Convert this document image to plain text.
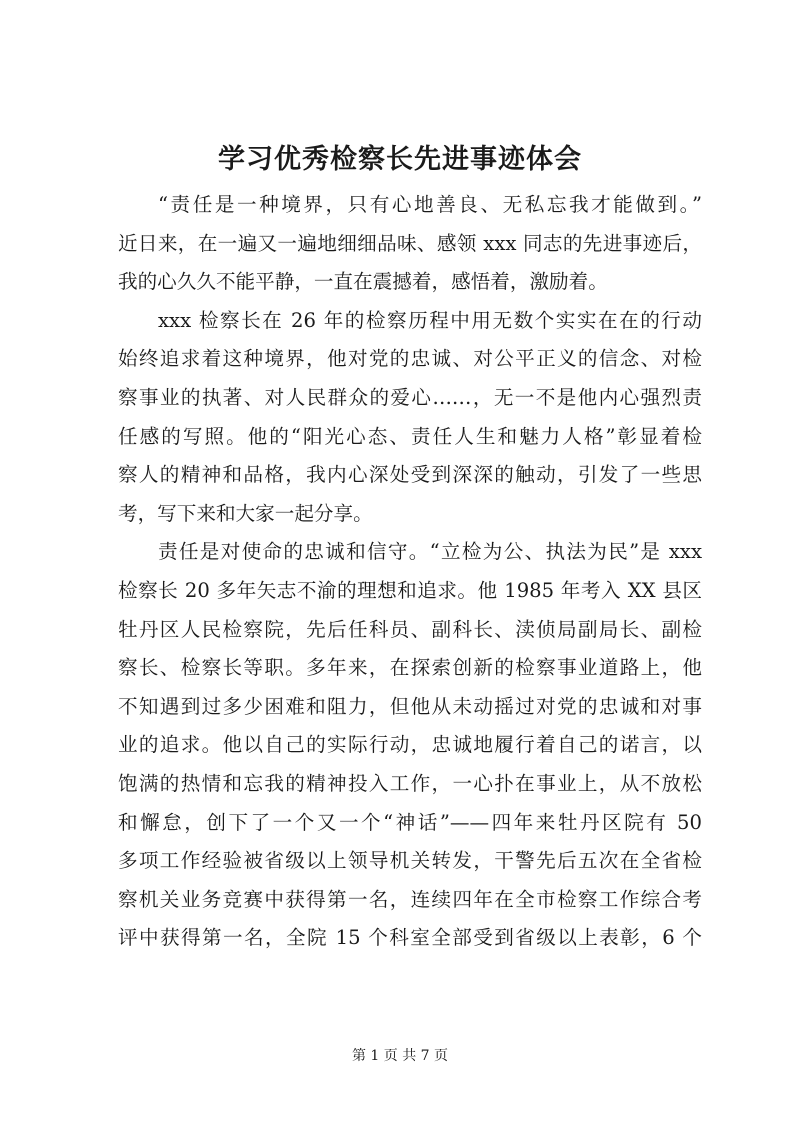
学习优秀检察长先进事迹体会
“责任是一种境界，只有心地善良、无私忘我才能做到。”
近日来，在一遍又一遍地细细品味、感领 xxx 同志的先进事迹后，
我的心久久不能平静，一直在震撼着，感悟着，激励着。
xxx 检察长在 26 年的检察历程中用无数个实实在在的行动
始终追求着这种境界，他对党的忠诚、对公平正义的信念、对检
察事业的执著、对人民群众的爱心……，无一不是他内心强烈责
任感的写照。他的“阳光心态、责任人生和魅力人格”彰显着检
察人的精神和品格，我内心深处受到深深的触动，引发了一些思
考，写下来和大家一起分享。
责任是对使命的忠诚和信守。“立检为公、执法为民”是 xxx
检察长 20 多年矢志不渝的理想和追求。他 1985 年考入 XX 县区
牡丹区人民检察院，先后任科员、副科长、渎侦局副局长、副检
察长、检察长等职。多年来，在探索创新的检察事业道路上，他
不知遇到过多少困难和阻力，但他从未动摇过对党的忠诚和对事
业的追求。他以自己的实际行动，忠诚地履行着自己的诺言，以
饱满的热情和忘我的精神投入工作，一心扑在事业上，从不放松
和懈怠，创下了一个又一个“神话”——四年来牡丹区院有 50
多项工作经验被省级以上领导机关转发，干警先后五次在全省检
察机关业务竞赛中获得第一名，连续四年在全市检察工作综合考
评中获得第一名，全院 15 个科室全部受到省级以上表彰，6 个
第 1 页 共 7 页
